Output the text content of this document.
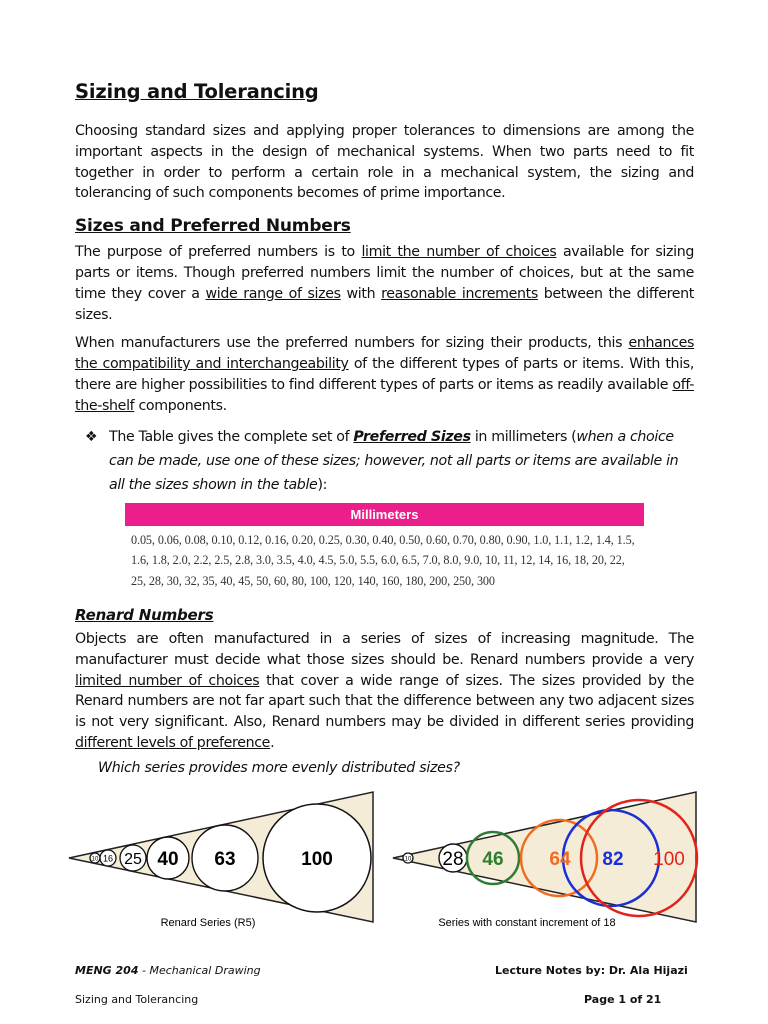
Sizing and Tolerancing

Choosing standard sizes and applying proper tolerances to dimensions are among the important aspects in the design of mechanical systems. When two parts need to fit together in order to perform a certain role in a mechanical system, the sizing and tolerancing of such components becomes of prime importance.

Sizes and Preferred Numbers

The purpose of preferred numbers is to limit the number of choices available for sizing parts or items. Though preferred numbers limit the number of choices, but at the same time they cover a wide range of sizes with reasonable increments between the different sizes.

When manufacturers use the preferred numbers for sizing their products, this enhances the compatibility and interchangeability of the different types of parts or items. With this, there are higher possibilities to find different types of parts or items as readily available off-the-shelf components.

❖ The Table gives the complete set of Preferred Sizes in millimeters (when a choice can be made, use one of these sizes; however, not all parts or items are available in all the sizes shown in the table):
Millimeters
0.05, 0.06, 0.08, 0.10, 0.12, 0.16, 0.20, 0.25, 0.30, 0.40, 0.50, 0.60, 0.70, 0.80, 0.90, 1.0, 1.1, 1.2, 1.4, 1.5, 1.6, 1.8, 2.0, 2.2, 2.5, 2.8, 3.0, 3.5, 4.0, 4.5, 5.0, 5.5, 6.0, 6.5, 7.0, 8.0, 9.0, 10, 11, 12, 14, 16, 18, 20, 22, 25, 28, 30, 32, 35, 40, 45, 50, 60, 80, 100, 120, 140, 160, 180, 200, 250, 300
Renard Numbers

Objects are often manufactured in a series of sizes of increasing magnitude. The manufacturer must decide what those sizes should be. Renard numbers provide a very limited number of choices that cover a wide range of sizes. The sizes provided by the Renard numbers are not far apart such that the difference between any two adjacent sizes is not very significant. Also, Renard numbers may be divided in different series providing different levels of preference.

Which series provides more evenly distributed sizes?
10 16 25 40 63	100
Renard Series (R5)
10 28 46 64 82 100
Series with constant increment of 18
MENG 204 - Mechanical Drawing	Lecture Notes by: Dr. Ala Hijazi
Sizing and Tolerancing	Page 1 of 21
